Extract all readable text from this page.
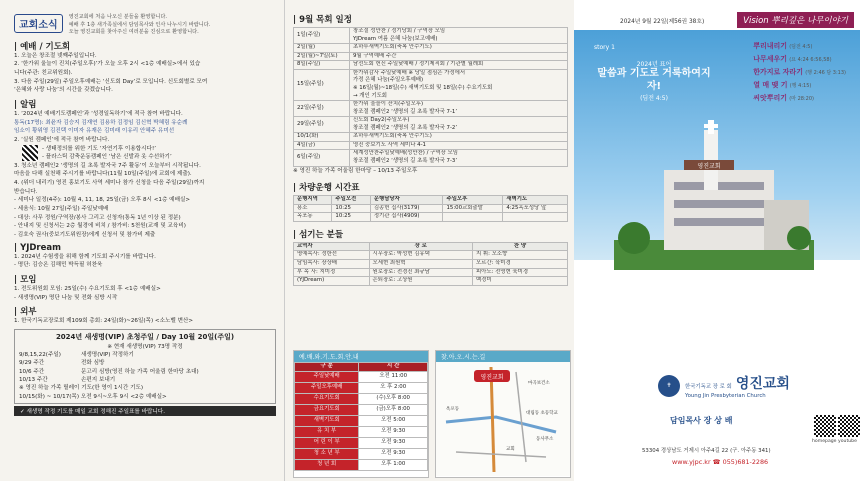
교회소식
영진교회에 처음 나오신 분들을 환영합니다.
예배 후 1층 새가족실에서 담임목사와 인사 나누시기 바랍니다.
오늘 영진교회를 찾아주신 여러분을 진심으로 환영합니다.
| 예배 / 기도회
1. 오늘은 창조절 넷째주일입니다.
2. ‘한가위 울늘이 진치(주일오후)’가 오늘 오후 2시 <1층 예배실>에서 있습
니다(주관: 친교위원회).
3. 다음 주일(29일) 주일오후예배는 ‘신도회 Day’로 모입니다. 신도회별로 모여
‘은혜와 사랑 나눔’의 시간을 갖겠습니다.
| 알림
1. ‘2024년 예배기도캠페인’과 ‘성경일독하기’에 적극 참여 바랍니다.
통독(17명): 최윤자 김승지 김재연 김용하 김정임 김신혁 박혜림 유순례
임소이 황위영 김진택 이미자 유재은 김미래 이유리 안혜주 유미선
2. ‘실원 캠페인’에 적극 참여 바랍니다.
- 생태정의를 위한 기도 ‘자연기후 이용합시다!’
- 플라스틱 감축운동캠페인 ‘남은 신발과 옷 수선하기’
3. 청소년 캠페인2 ‘생명의 길 초록 발자국 7주 활동’이 오늘부터 시작됩니다.
마음을 다해 실천해 주시기를 바랍니다(11월 10일(주일)에 교회에 제출).
4. (위더 내리기) 영진 홍보기도 사역 세미나 참가 신청을 다음 주일(29일)까지
받습니다.
- 세미나 일정(4주): 10월 4, 11, 18, 25일(금) 오후 8시 <1층 예배실>
- 세움식: 10월 27일(주일) 주일낮예배
- 대상: 사무 정원/구역장/봉사 그리고 신청자(통독 1년 이상 된 정분)
- 안내지 및 신청서는 2층 월경에 비치 / 참가비: 5천원(교재 및 교육비)
- 김호숙 권사(중보기도위원장)에게 신청서 및 참가비 제출
| YJDream
1. 2024년 수험생을 위해 함께 기도회 주시기를 바랍니다.
- 명단: 김승온 김해민 박득필 허찬욱
| 모임
1. 전도위원회 모임: 25일(수) 수요기도회 후 <1층 예배실>
- 새생명(VIP) 명단 나눔 및 전화 심방 시작
| 외부
1. 한국기독교장로회 제109회 총회: 24일(화)~26일(목) <소노벨 변산>
2024년 새생명(VIP) 초청주일 / Day 10월 20일(주일)
※ 현재 새생명(VIP) 73명 작정
9/8,15,22(주일)	새생명(VIP) 작정하기
9/29 주간	전화 심방
10/6 주간	문고리 심방(영진 하늘 가족 어울림 한마당 초대)
10/13 주간	손편지 보내기
※ 영진 하늘 가족 릴레이 기도(한 영이 1시간 기도)
10/15(화) ~ 10/17(목) 오전 9시~오후 9시 <2층 예배실>
✓ 새생명 작정 기도를 매일 교회 정해진 주일표를 바랍니다.
| 9월 목회 일정
1일(주일)	창조절 성만찬 / 정기당회 / 구역장 모임
YJDream 여름 은혜 나눔(보고예배)

2일(월)	초하루새벽기도회(축복 안수기도)

2일(월)~7일(토)	9월 구역예배 주간

8일(주일)	남선도회 헌신 주일낮예배 / 정기제직회 / 기관별 월례회

15일(주일)	한가위감사 주일낮예배 ※ 당일 점심은 가정에서
가정 은혜 나눔(주일오후예배)
※ 16일(월)~18일(수) 새벽기도회 및 18일(수) 수요기도회
→ 개인 기도회

22일(주일)	한가위 울늘이 잔치(주일오후)
창조절 캠페인2 ‘생명의 길 초록 발자국 7-1’

29일(주일)	신도회 Day2(주일오후)
창조절 캠페인2 ‘생명의 길 초록 발자국 7-2’

10/1(화)	초하루새벽기도회(축복 안수기도)

4일(금)	영진 중보기도 사역 세미나 4-1

6일(주일)	세계성만찬주일낮예배(성만찬) / 구역장 모임
창조절 캠페인2 ‘생명의 길 초록 발자국 7-3’
※ 영진 하늘 가족 어울림 한마당 – 10/13 주일오후
| 차량운행 시간표
운행지역	주일오전	운행담당자	주일오후	새벽기도
용소	10:25	김종헌 집사(3179)	15:00교회출발	4:25옥포성당 앞
옥포동	10:25	정기관 집사(4909)		
| 섬기는 분들
교역자	장 로	찬 양
명예목사: 정한선	시무장로: 박성현 김유택	지 휘: 오소향
담임목사: 장상배	오세현 최원혁	오르간: 육미경
부 목 사: 지미정	원로장로: 전경진 최규남	피아노: 전영현 육미경
(YJDream)	은퇴장로: 고상원	백경미
예.배.와.기.도.회.안.내
구 분	시 간
주일낮예배	오전 11:00
주일오후예배	오 후 2:00
수요기도회	(수)오후 8:00
금요기도회	(금)오후 8:00
새벽기도회	오전 5:00
유 치 부	오전 9:30
어 린 이 부	오전 9:30
청 소 년 부	오전 9:30
청 년 회	오후 1:00
찾.아.오.시.는.길
영진교회
마곡보건소
대림동 초등학교
옥포동
동사무소
교회
2024년 9월 22일(제56권 38호)	Vision 뿌리깊은 나무이야기
story 1
2024년 표어
말씀과 기도로 거룩하여지자!
(딤전 4:5)
뿌리내리기 (딤전 4:5)
나무세우기 (요 4:24 6:56,58)
한가지로 자라기 (행 2:46 담 3:13)
열 매 맺 기 (행 4:15)
씨앗뿌리기 (마 28:20)
영진교회
✝	한국기독교 장 로 회 영진교회
Young Jin Presbyterian Church
담임목사 장 상 배
homepage youtube
53304 경상남도 거제시 아주4길 22 (구. 아주동 341)
www.yjpc.kr ☎ 055)681-2286
